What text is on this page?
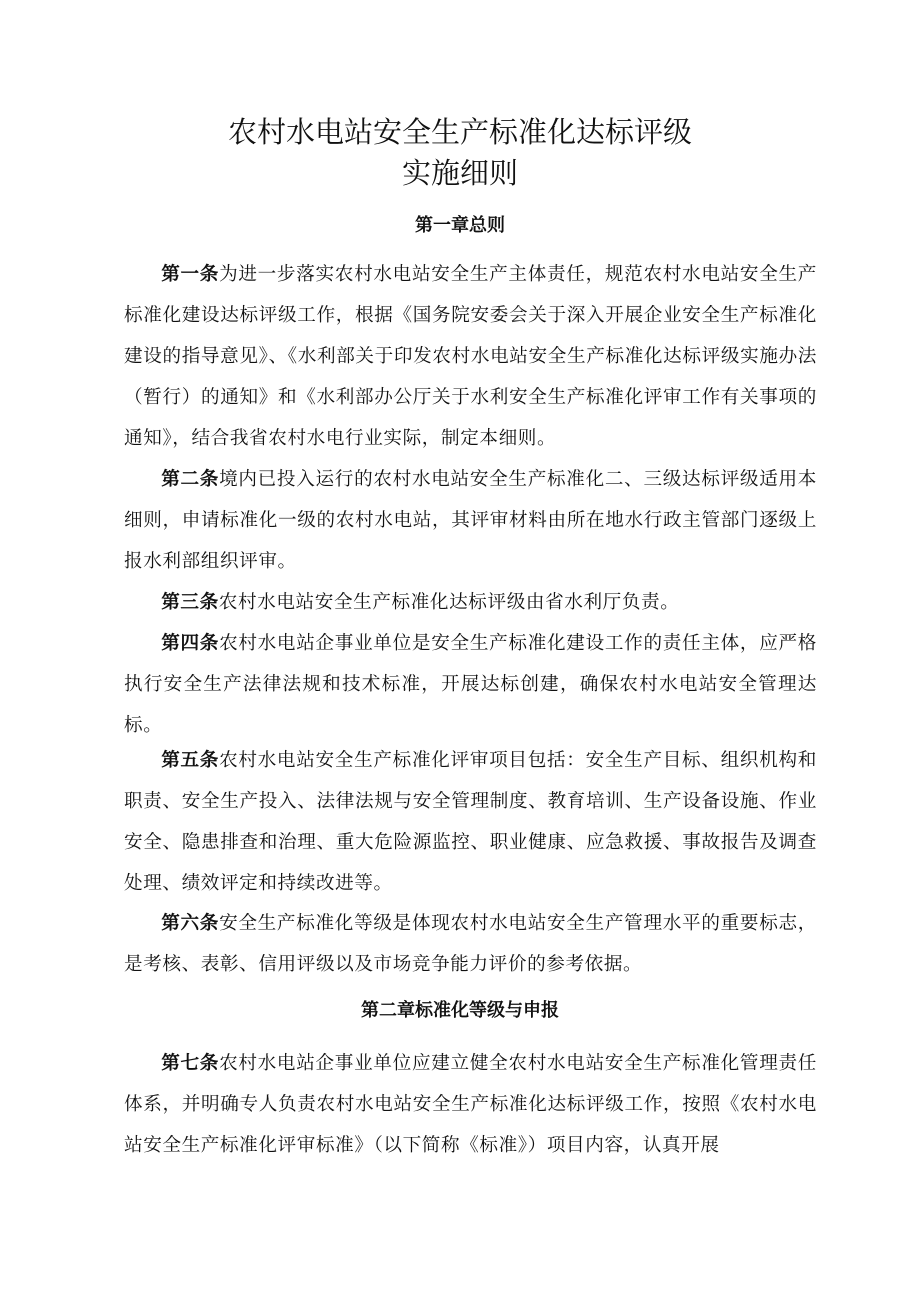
农村水电站安全生产标准化达标评级
实施细则
第一章总则

第一条为进一步落实农村水电站安全生产主体责任，规范农村水电站安全生产标准化建设达标评级工作，根据《国务院安委会关于深入开展企业安全生产标准化建设的指导意见》、《水利部关于印发农村水电站安全生产标准化达标评级实施办法（暂行）的通知》和《水利部办公厅关于水利安全生产标准化评审工作有关事项的通知》，结合我省农村水电行业实际，制定本细则。

第二条境内已投入运行的农村水电站安全生产标准化二、三级达标评级适用本细则，申请标准化一级的农村水电站，其评审材料由所在地水行政主管部门逐级上报水利部组织评审。

第三条农村水电站安全生产标准化达标评级由省水利厅负责。

第四条农村水电站企事业单位是安全生产标准化建设工作的责任主体，应严格执行安全生产法律法规和技术标准，开展达标创建，确保农村水电站安全管理达标。

第五条农村水电站安全生产标准化评审项目包括：安全生产目标、组织机构和职责、安全生产投入、法律法规与安全管理制度、教育培训、生产设备设施、作业安全、隐患排查和治理、重大危险源监控、职业健康、应急救援、事故报告及调查处理、绩效评定和持续改进等。

第六条安全生产标准化等级是体现农村水电站安全生产管理水平的重要标志，是考核、表彰、信用评级以及市场竞争能力评价的参考依据。

第二章标准化等级与申报

第七条农村水电站企事业单位应建立健全农村水电站安全生产标准化管理责任体系，并明确专人负责农村水电站安全生产标准化达标评级工作，按照《农村水电站安全生产标准化评审标准》（以下简称《标准》）项目内容，认真开展
